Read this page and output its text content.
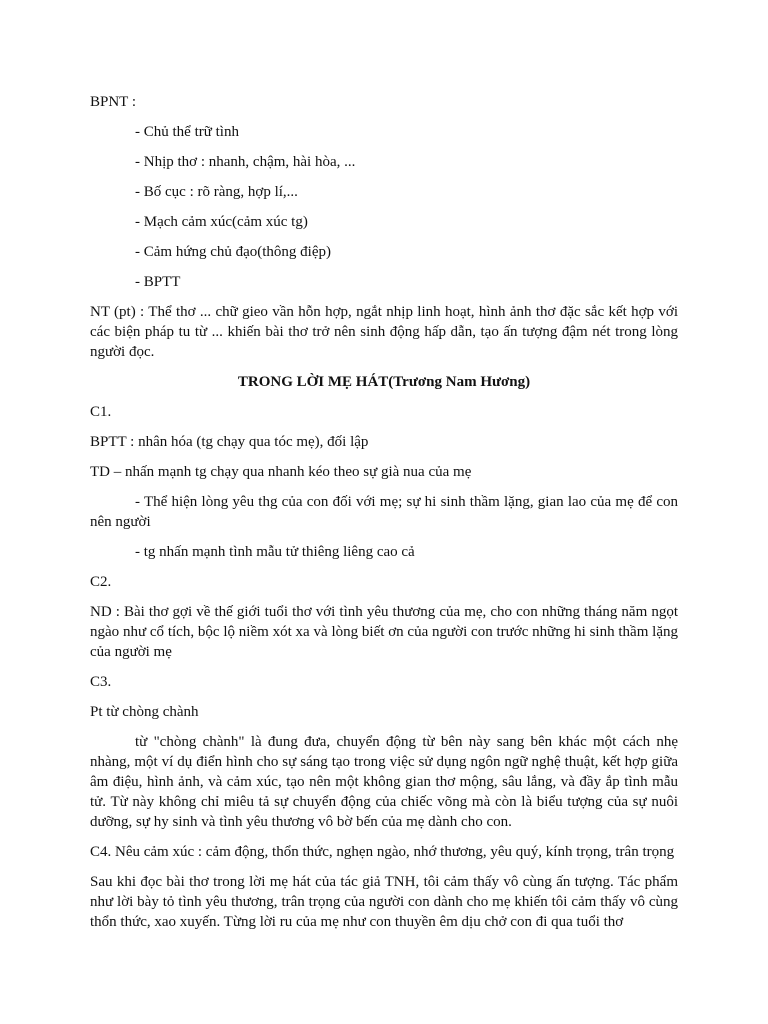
BPNT :

- Chủ thể trữ tình

- Nhịp thơ : nhanh, chậm, hài hòa, ...

- Bố cục : rõ ràng, hợp lí,...

- Mạch cảm xúc(cảm xúc tg)

- Cảm hứng chủ đạo(thông điệp)

- BPTT

NT (pt) : Thể thơ ... chữ gieo vần hỗn hợp, ngắt nhịp linh hoạt, hình ảnh thơ đặc sắc kết hợp với các biện pháp tu từ ... khiến bài thơ trở nên sinh động hấp dẫn, tạo ấn tượng đậm nét trong lòng người đọc.

TRONG LỜI MẸ HÁT(Trương Nam Hương)

C1.

BPTT : nhân hóa (tg chạy qua tóc mẹ), đối lập

TD – nhấn mạnh tg chạy qua nhanh kéo theo sự già nua của mẹ

- Thể hiện lòng yêu thg của con đối với mẹ; sự hi sinh thầm lặng, gian lao của mẹ để con nên người

- tg nhấn mạnh tình mẫu tử thiêng liêng cao cả

C2.

ND : Bài thơ gợi về thế giới tuổi thơ với tình yêu thương của mẹ, cho con những tháng năm ngọt ngào như cổ tích, bộc lộ niềm xót xa và lòng biết ơn của người con trước những hi sinh thầm lặng của người mẹ

C3.

Pt từ chòng chành

từ "chòng chành" là đung đưa, chuyển động từ bên này sang bên khác một cách nhẹ nhàng, một ví dụ điển hình cho sự sáng tạo trong việc sử dụng ngôn ngữ nghệ thuật, kết hợp giữa âm điệu, hình ảnh, và cảm xúc, tạo nên một không gian thơ mộng, sâu lắng, và đầy ắp tình mẫu tử. Từ này không chỉ miêu tả sự chuyển động của chiếc võng mà còn là biểu tượng của sự nuôi dưỡng, sự hy sinh và tình yêu thương vô bờ bến của mẹ dành cho con.

C4. Nêu cảm xúc : cảm động, thổn thức, nghẹn ngào, nhớ thương, yêu quý, kính trọng, trân trọng

Sau khi đọc bài thơ trong lời mẹ hát của tác giả TNH, tôi cảm thấy vô cùng ấn tượng. Tác phẩm như lời bày tỏ tình yêu thương, trân trọng của người con dành cho mẹ khiến tôi cảm thấy vô cùng thổn thức, xao xuyến. Từng lời ru của mẹ như con thuyền êm dịu chở con đi qua tuổi thơ
